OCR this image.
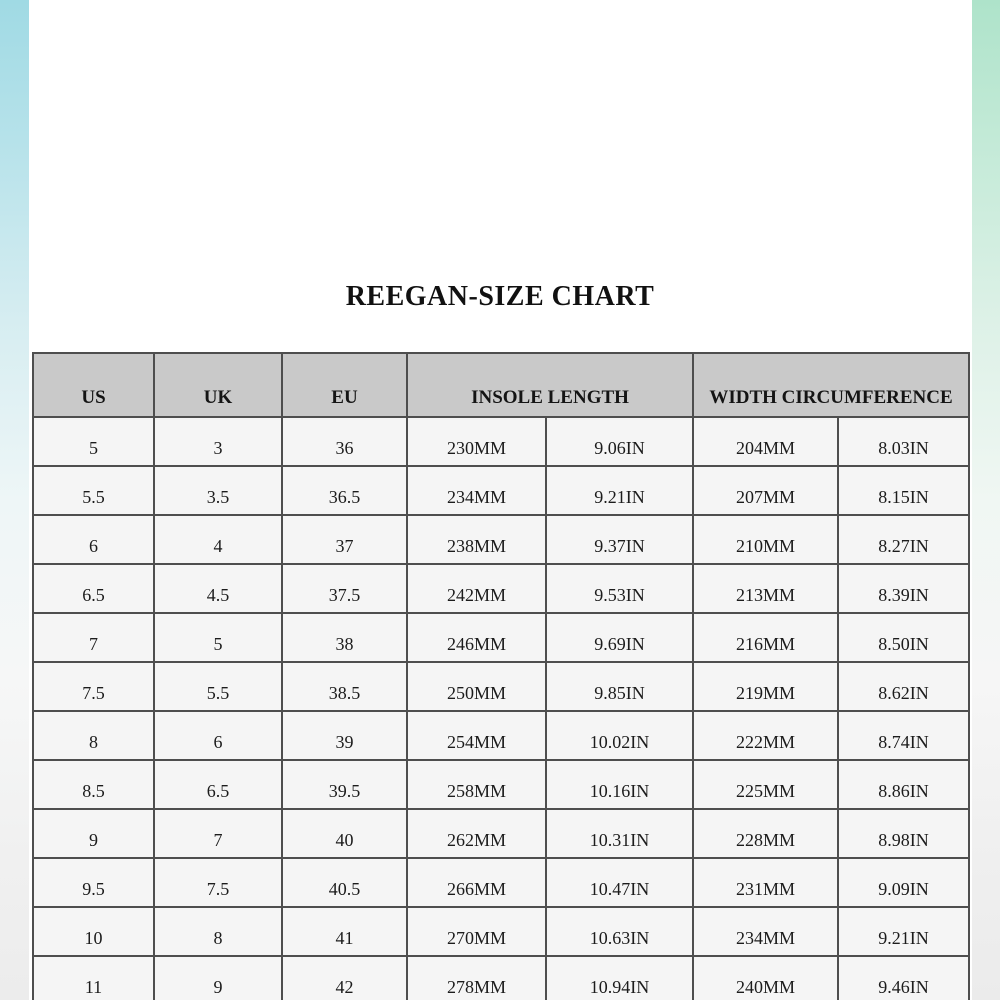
REEGAN-SIZE CHART
US	UK	EU	INSOLE LENGTH		WIDTH CIRCUMFERENCE	
5	3	36	230MM	9.06IN	204MM	8.03IN
5.5	3.5	36.5	234MM	9.21IN	207MM	8.15IN
6	4	37	238MM	9.37IN	210MM	8.27IN
6.5	4.5	37.5	242MM	9.53IN	213MM	8.39IN
7	5	38	246MM	9.69IN	216MM	8.50IN
7.5	5.5	38.5	250MM	9.85IN	219MM	8.62IN
8	6	39	254MM	10.02IN	222MM	8.74IN
8.5	6.5	39.5	258MM	10.16IN	225MM	8.86IN
9	7	40	262MM	10.31IN	228MM	8.98IN
9.5	7.5	40.5	266MM	10.47IN	231MM	9.09IN
10	8	41	270MM	10.63IN	234MM	9.21IN
11	9	42	278MM	10.94IN	240MM	9.46IN
